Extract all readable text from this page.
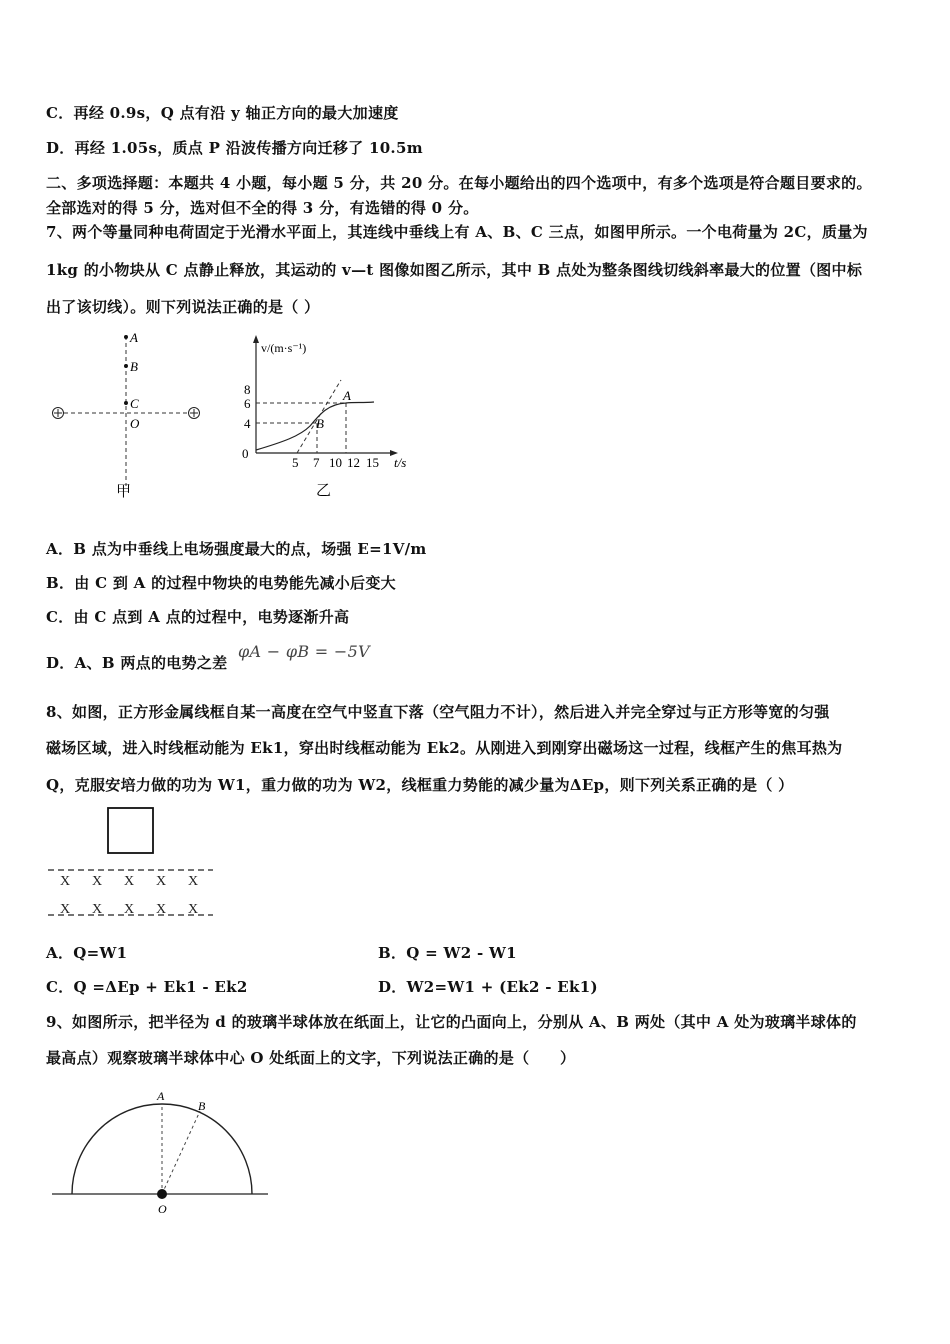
C．再经 0.9s，Q 点有沿 y 轴正方向的最大加速度
D．再经 1.05s，质点 P 沿波传播方向迁移了 10.5m
二、多项选择题：本题共 4 小题，每小题 5 分，共 20 分。在每小题给出的四个选项中，有多个选项是符合题目要求的。
全部选对的得 5 分，选对但不全的得 3 分，有选错的得 0 分。
7、两个等量同种电荷固定于光滑水平面上，其连线中垂线上有 A、B、C 三点，如图甲所示。一个电荷量为 2C，质量为
1kg 的小物块从 C 点静止释放，其运动的 v—t 图像如图乙所示，其中 B 点处为整条图线切线斜率最大的位置（图中标
出了该切线）。则下列说法正确的是（ ）
A
B
C
O
甲
v/(m·s⁻¹)
t/s
0
8
6
4
A
B
5 7 10 12 15
乙
A．B 点为中垂线上电场强度最大的点，场强 E=1V/m
B．由 C 到 A 的过程中物块的电势能先减小后变大
C．由 C 点到 A 点的过程中，电势逐渐升高
D．A、B 两点的电势之差
φA − φB = −5V
8、如图，正方形金属线框自某一高度在空气中竖直下落（空气阻力不计），然后进入并完全穿过与正方形等宽的匀强
磁场区域，进入时线框动能为 Ek1，穿出时线框动能为 Ek2。从刚进入到刚穿出磁场这一过程，线框产生的焦耳热为
Q，克服安培力做的功为 W1，重力做的功为 W2，线框重力势能的减少量为ΔEp，则下列关系正确的是（ ）
X X X X X
X X X X X
A．Q=W1	B．Q = W2 - W1
C．Q =ΔEp + Ek1 - Ek2	D．W2=W1 + (Ek2 - Ek1)
9、如图所示，把半径为 d 的玻璃半球体放在纸面上，让它的凸面向上，分别从 A、B 两处（其中 A 处为玻璃半球体的
最高点）观察玻璃半球体中心 O 处纸面上的文字，下列说法正确的是（　　）
A
B
O
